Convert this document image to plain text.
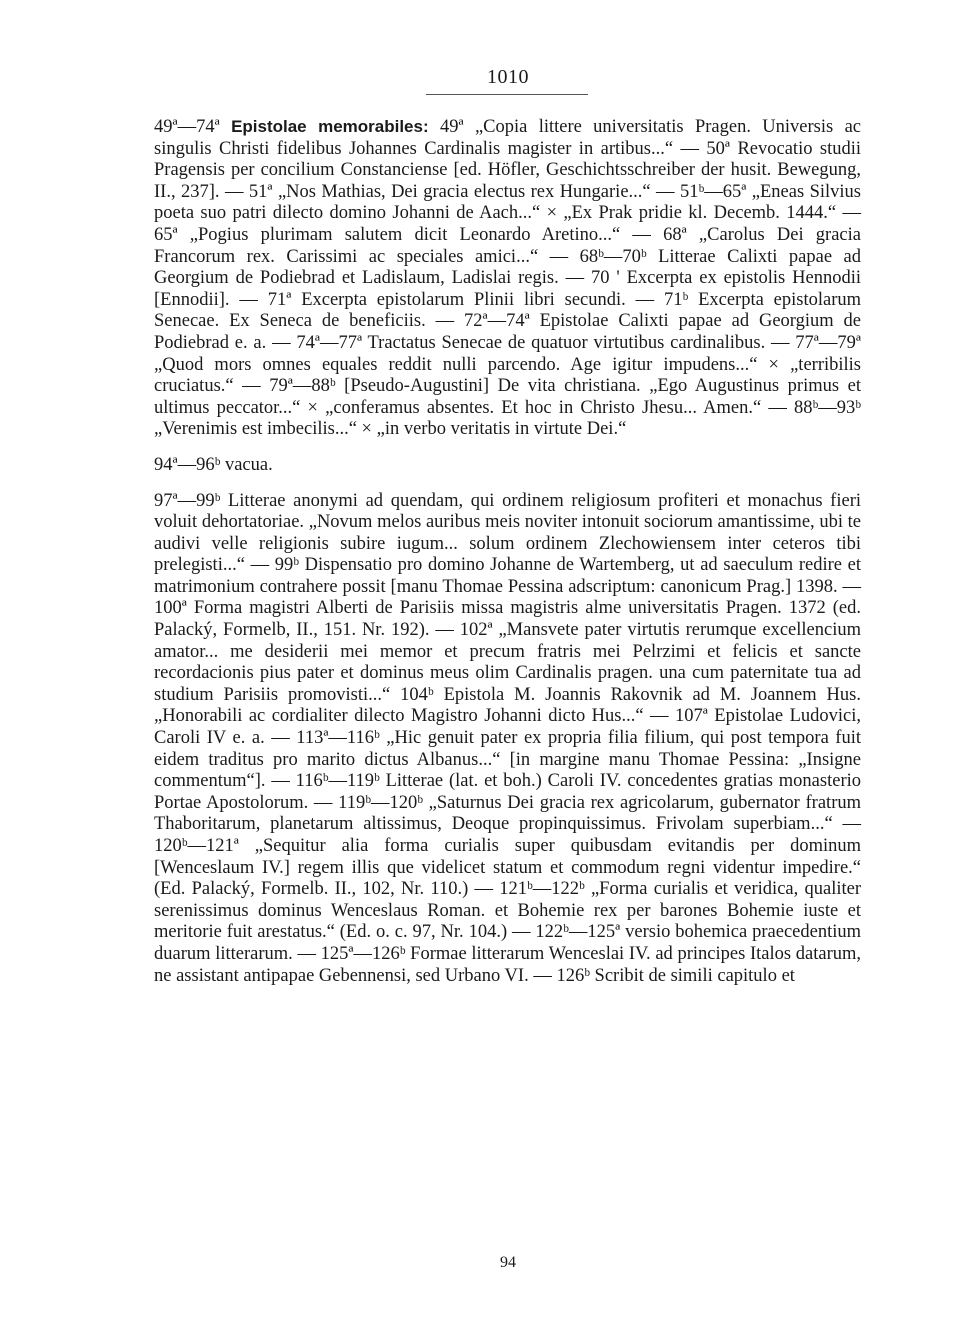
1010

49ª—74ª Epistolae memorabiles: 49ª „Copia littere universitatis Pragen. Universis ac singulis Christi fidelibus Johannes Cardinalis magister in artibus...“ — 50ª Revocatio studii Pragensis per concilium Constanciense [ed. Höfler, Geschichtsschreiber der husit. Bewegung, II., 237]. — 51ª „Nos Mathias, Dei gracia electus rex Hungarie...“ — 51ᵇ—65ª „Eneas Silvius poeta suo patri dilecto domino Johanni de Aach...“ × „Ex Prak pridie kl. Decemb. 1444.“ — 65ª „Pogius plurimam salutem dicit Leonardo Aretino...“ — 68ª „Carolus Dei gracia Francorum rex. Carissimi ac speciales amici...“ — 68ᵇ—70ᵇ Litterae Calixti papae ad Georgium de Podiebrad et Ladislaum, Ladislai regis. — 70 ' Excerpta ex epistolis Hennodii [Ennodii]. — 71ª Excerpta epistolarum Plinii libri secundi. — 71ᵇ Excerpta epistolarum Senecae. Ex Seneca de beneficiis. — 72ª—74ª Epistolae Calixti papae ad Georgium de Podiebrad e. a. — 74ª—77ª Tractatus Senecae de quatuor virtutibus cardinalibus. — 77ª—79ª „Quod mors omnes equales reddit nulli parcendo. Age igitur impudens...“ × „terribilis cruciatus.“ — 79ª—88ᵇ [Pseudo-Augustini] De vita christiana. „Ego Augustinus primus et ultimus peccator...“ × „conferamus absentes. Et hoc in Christo Jhesu... Amen.“ — 88ᵇ—93ᵇ „Verenimis est imbecilis...“ × „in verbo veritatis in virtute Dei.“

94ª—96ᵇ vacua.

97ª—99ᵇ Litterae anonymi ad quendam, qui ordinem religiosum profiteri et monachus fieri voluit dehortatoriae. „Novum melos auribus meis noviter intonuit sociorum amantissime, ubi te audivi velle religionis subire iugum... solum ordinem Zlechowiensem inter ceteros tibi prelegisti...“ — 99ᵇ Dispensatio pro domino Johanne de Wartemberg, ut ad saeculum redire et matrimonium contrahere possit [manu Thomae Pessina adscriptum: canonicum Prag.] 1398. — 100ª Forma magistri Alberti de Parisiis missa magistris alme universitatis Pragen. 1372 (ed. Palacký, Formelb, II., 151. Nr. 192). — 102ª „Mansvete pater virtutis rerumque excellencium amator... me desiderii mei memor et precum fratris mei Pelrzimi et felicis et sancte recordacionis pius pater et dominus meus olim Cardinalis pragen. una cum paternitate tua ad studium Parisiis promovisti...“ 104ᵇ Epistola M. Joannis Rakovnik ad M. Joannem Hus. „Honorabili ac cordialiter dilecto Magistro Johanni dicto Hus...“ — 107ª Epistolae Ludovici, Caroli IV e. a. — 113ª—116ᵇ „Hic genuit pater ex propria filia filium, qui post tempora fuit eidem traditus pro marito dictus Albanus...“ [in margine manu Thomae Pessina: „Insigne commentum“]. — 116ᵇ—119ᵇ Litterae (lat. et boh.) Caroli IV. concedentes gratias monasterio Portae Apostolorum. — 119ᵇ—120ᵇ „Saturnus Dei gracia rex agricolarum, gubernator fratrum Thaboritarum, planetarum altissimus, Deoque propinquissimus. Frivolam superbiam...“ — 120ᵇ—121ª „Sequitur alia forma curialis super quibusdam evitandis per dominum [Wenceslaum IV.] regem illis que videlicet statum et commodum regni videntur impedire.“ (Ed. Palacký, Formelb. II., 102, Nr. 110.) — 121ᵇ—122ᵇ „Forma curialis et veridica, qualiter serenissimus dominus Wenceslaus Roman. et Bohemie rex per barones Bohemie iuste et meritorie fuit arestatus.“ (Ed. o. c. 97, Nr. 104.) — 122ᵇ—125ª versio bohemica praecedentium duarum litterarum. — 125ª—126ᵇ Formae litterarum Wenceslai IV. ad principes Italos datarum, ne assistant antipapae Gebennensi, sed Urbano VI. — 126ᵇ Scribit de simili capitulo et

94
